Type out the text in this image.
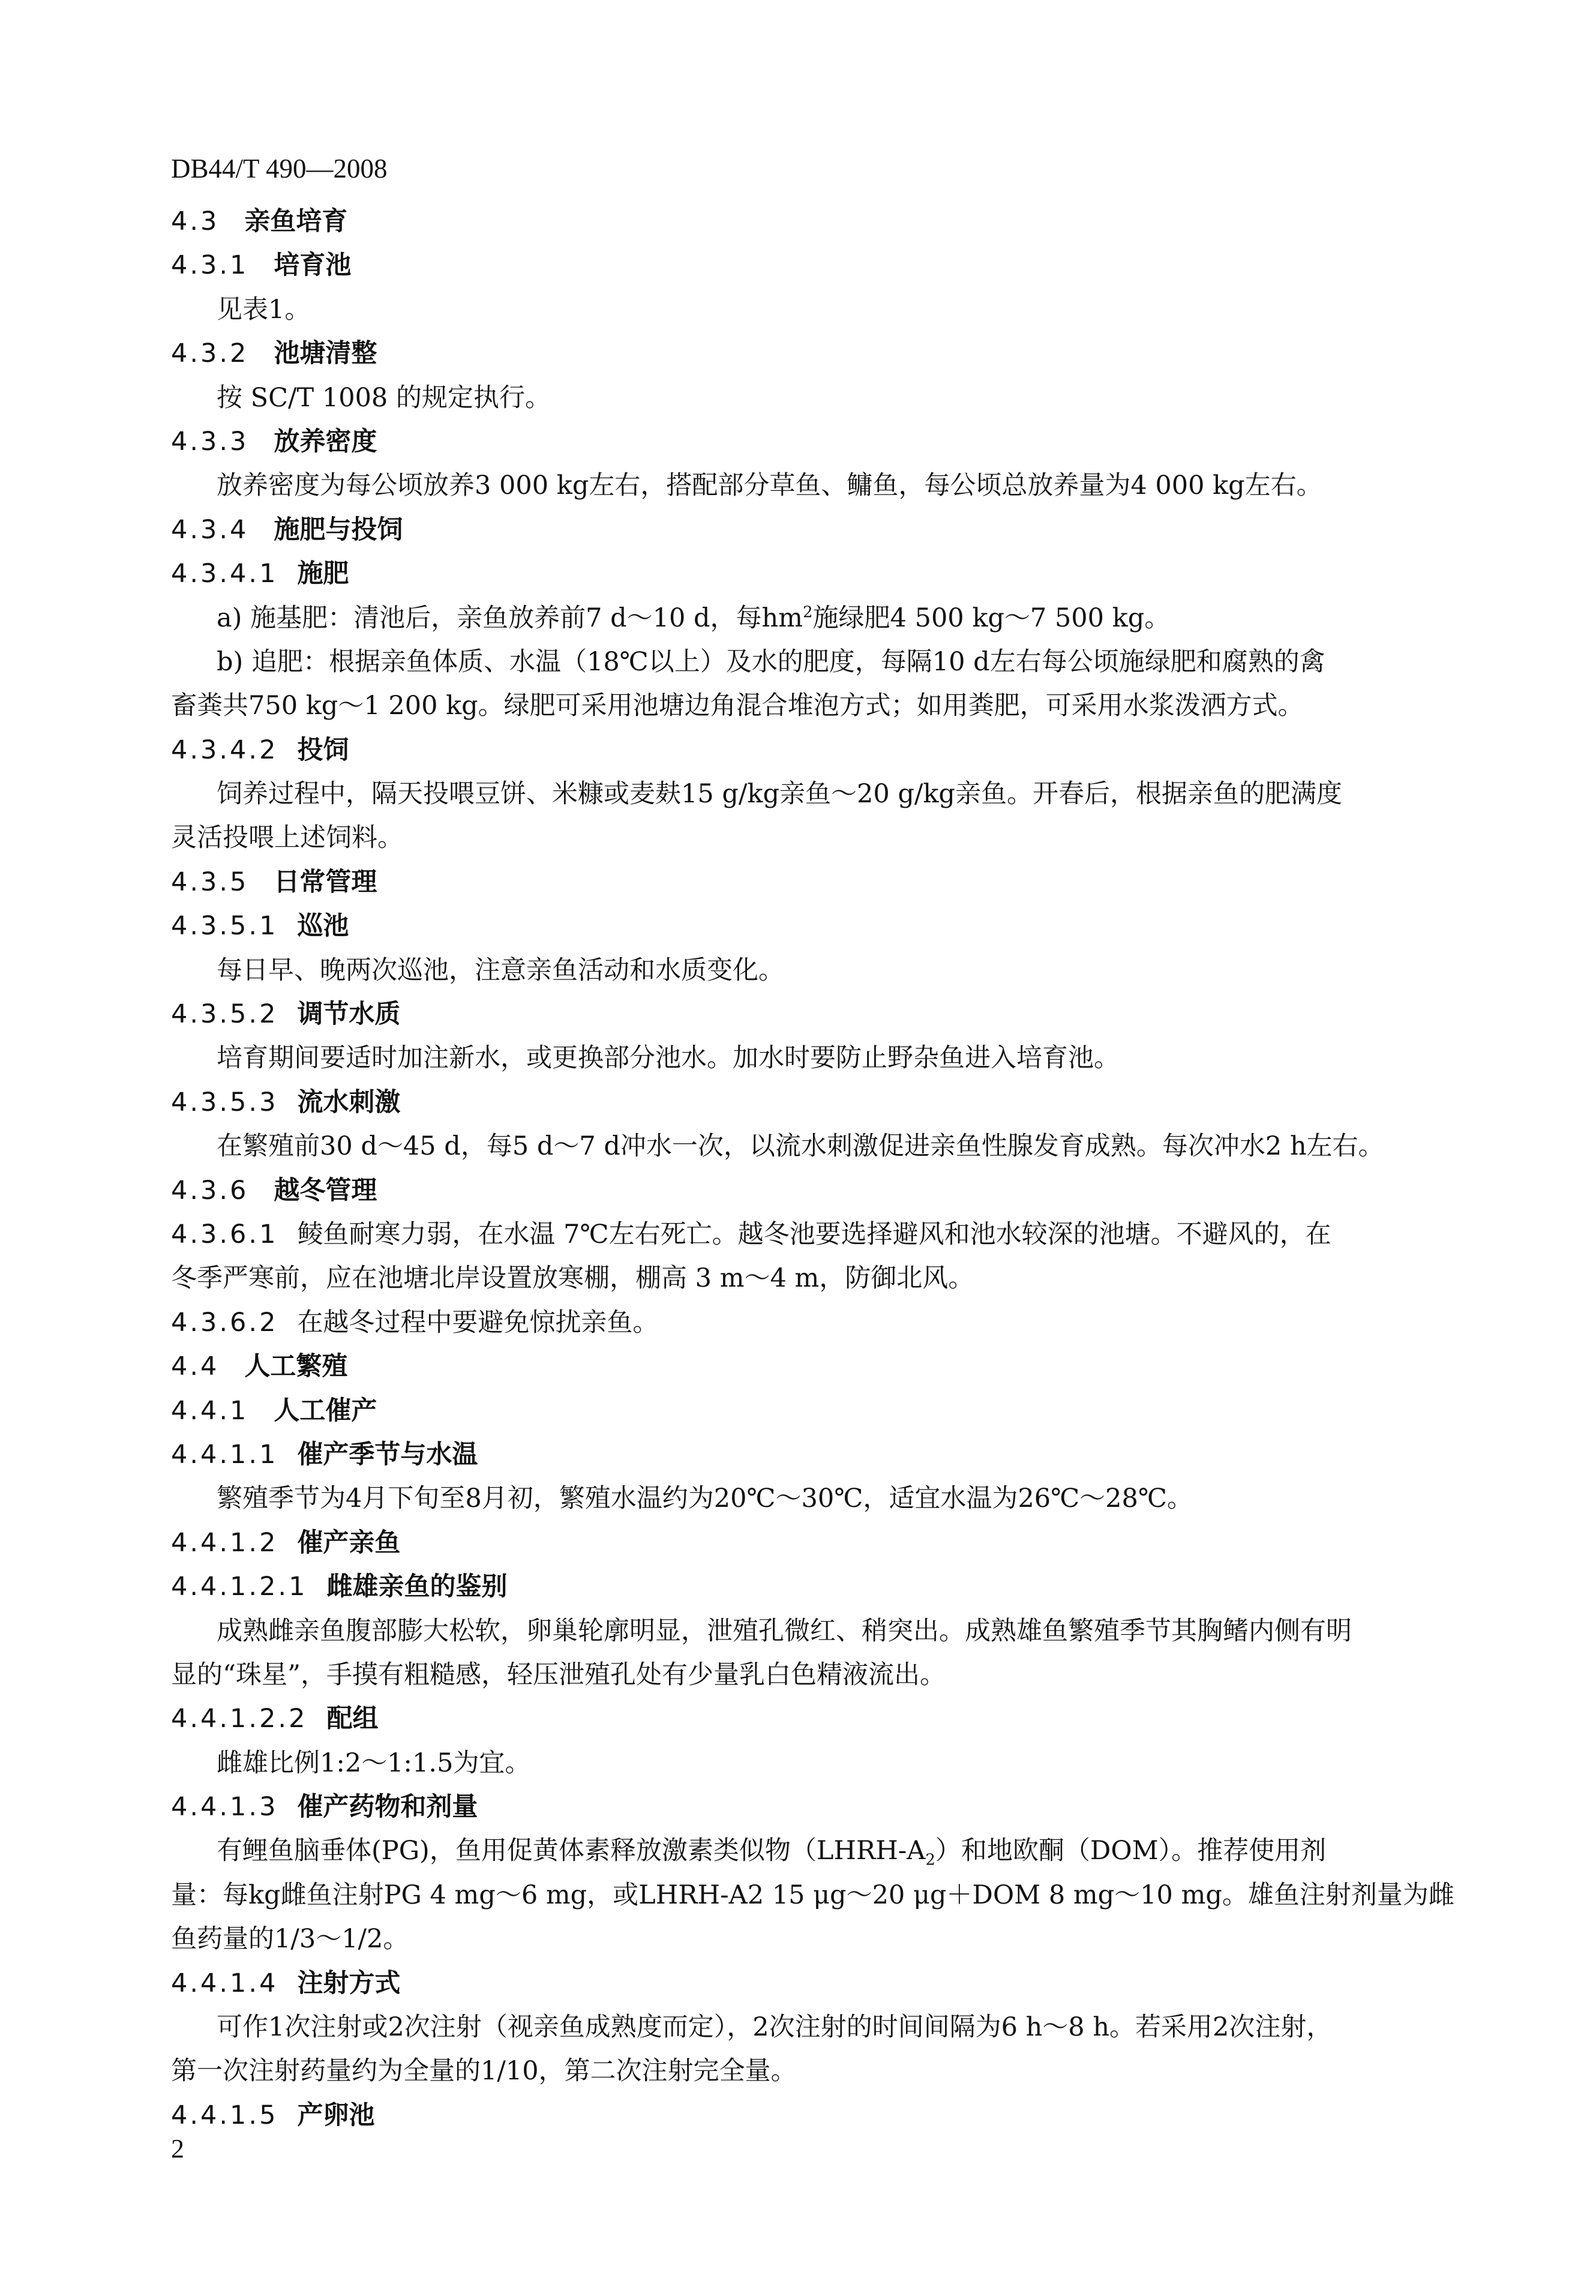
DB44/T 490—2008
4.3 亲鱼培育
4.3.1 培育池
见表1。
4.3.2 池塘清整
按 SC/T 1008 的规定执行。
4.3.3 放养密度
放养密度为每公顷放养3 000 kg左右，搭配部分草鱼、鳙鱼，每公顷总放养量为4 000 kg左右。
4.3.4 施肥与投饲
4.3.4.1 施肥
a) 施基肥：清池后，亲鱼放养前7 d～10 d，每$hm^2$施绿肥4 500 kg～7 500 kg。
b) 追肥：根据亲鱼体质、水温（18℃以上）及水的肥度，每隔10 d左右每公顷施绿肥和腐熟的禽
畜粪共750 kg～1 200 kg。绿肥可采用池塘边角混合堆泡方式；如用粪肥，可采用水浆泼洒方式。
4.3.4.2 投饲
饲养过程中，隔天投喂豆饼、米糠或麦麸15 g/kg亲鱼～20 g/kg亲鱼。开春后，根据亲鱼的肥满度
灵活投喂上述饲料。
4.3.5 日常管理
4.3.5.1 巡池
每日早、晚两次巡池，注意亲鱼活动和水质变化。
4.3.5.2 调节水质
培育期间要适时加注新水，或更换部分池水。加水时要防止野杂鱼进入培育池。
4.3.5.3 流水刺激
在繁殖前30 d～45 d，每5 d～7 d冲水一次，以流水刺激促进亲鱼性腺发育成熟。每次冲水2 h左右。
4.3.6 越冬管理
4.3.6.1 鲮鱼耐寒力弱，在水温 7℃左右死亡。越冬池要选择避风和池水较深的池塘。不避风的，在
冬季严寒前，应在池塘北岸设置放寒棚，棚高 3 m～4 m，防御北风。
4.3.6.2 在越冬过程中要避免惊扰亲鱼。
4.4 人工繁殖
4.4.1 人工催产
4.4.1.1 催产季节与水温
繁殖季节为4月下旬至8月初，繁殖水温约为20℃～30℃，适宜水温为26℃～28℃。
4.4.1.2 催产亲鱼
4.4.1.2.1 雌雄亲鱼的鉴别
成熟雌亲鱼腹部膨大松软，卵巢轮廓明显，泄殖孔微红、稍突出。成熟雄鱼繁殖季节其胸鳍内侧有明
显的“珠星”，手摸有粗糙感，轻压泄殖孔处有少量乳白色精液流出。
4.4.1.2.2 配组
雌雄比例1:2～1:1.5为宜。
4.4.1.3 催产药物和剂量
有鲤鱼脑垂体(PG)，鱼用促黄体素释放激素类似物$(LHRH-A_2)$和地欧酮（DOM）。推荐使用剂
量：每kg雌鱼注射PG 4 mg～6 mg，或LHRH-A2 15 μg～20 μg＋DOM 8 mg～10 mg。雄鱼注射剂量为雌
鱼药量的1/3～1/2。
4.4.1.4 注射方式
可作1次注射或2次注射（视亲鱼成熟度而定），2次注射的时间间隔为6 h～8 h。若采用2次注射，
第一次注射药量约为全量的1/10，第二次注射完全量。
4.4.1.5 产卵池
2
